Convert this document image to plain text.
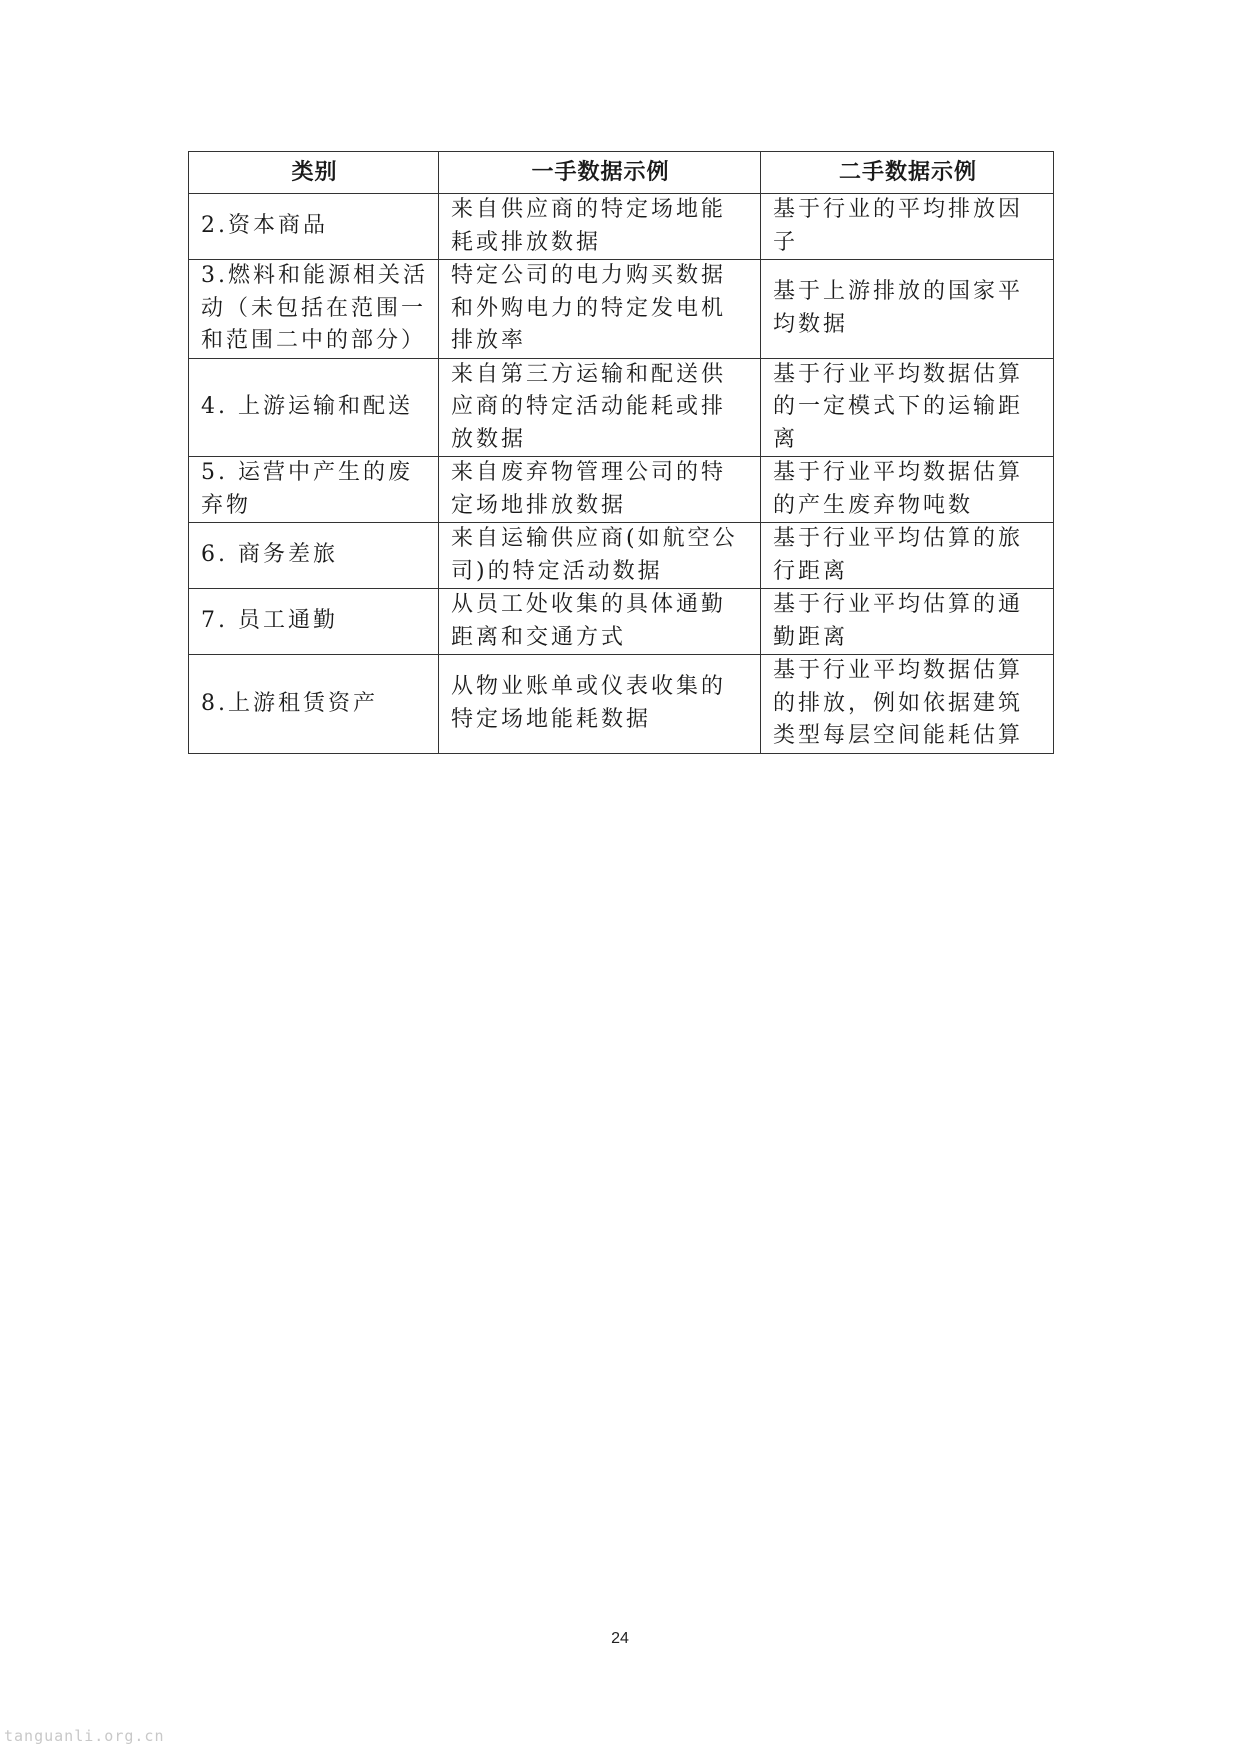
类别	一手数据示例	二手数据示例
2.资本商品	来自供应商的特定场地能耗或排放数据	基于行业的平均排放因子
3.燃料和能源相关活动（未包括在范围一和范围二中的部分）	特定公司的电力购买数据和外购电力的特定发电机排放率	基于上游排放的国家平均数据
4. 上游运输和配送	来自第三方运输和配送供应商的特定活动能耗或排放数据	基于行业平均数据估算的一定模式下的运输距离
5. 运营中产生的废弃物	来自废弃物管理公司的特定场地排放数据	基于行业平均数据估算的产生废弃物吨数
6. 商务差旅	来自运输供应商(如航空公司)的特定活动数据	基于行业平均估算的旅行距离
7. 员工通勤	从员工处收集的具体通勤距离和交通方式	基于行业平均估算的通勤距离
8.上游租赁资产	从物业账单或仪表收集的特定场地能耗数据	基于行业平均数据估算的排放，例如依据建筑类型每层空间能耗估算
24
tanguanli.org.cn
